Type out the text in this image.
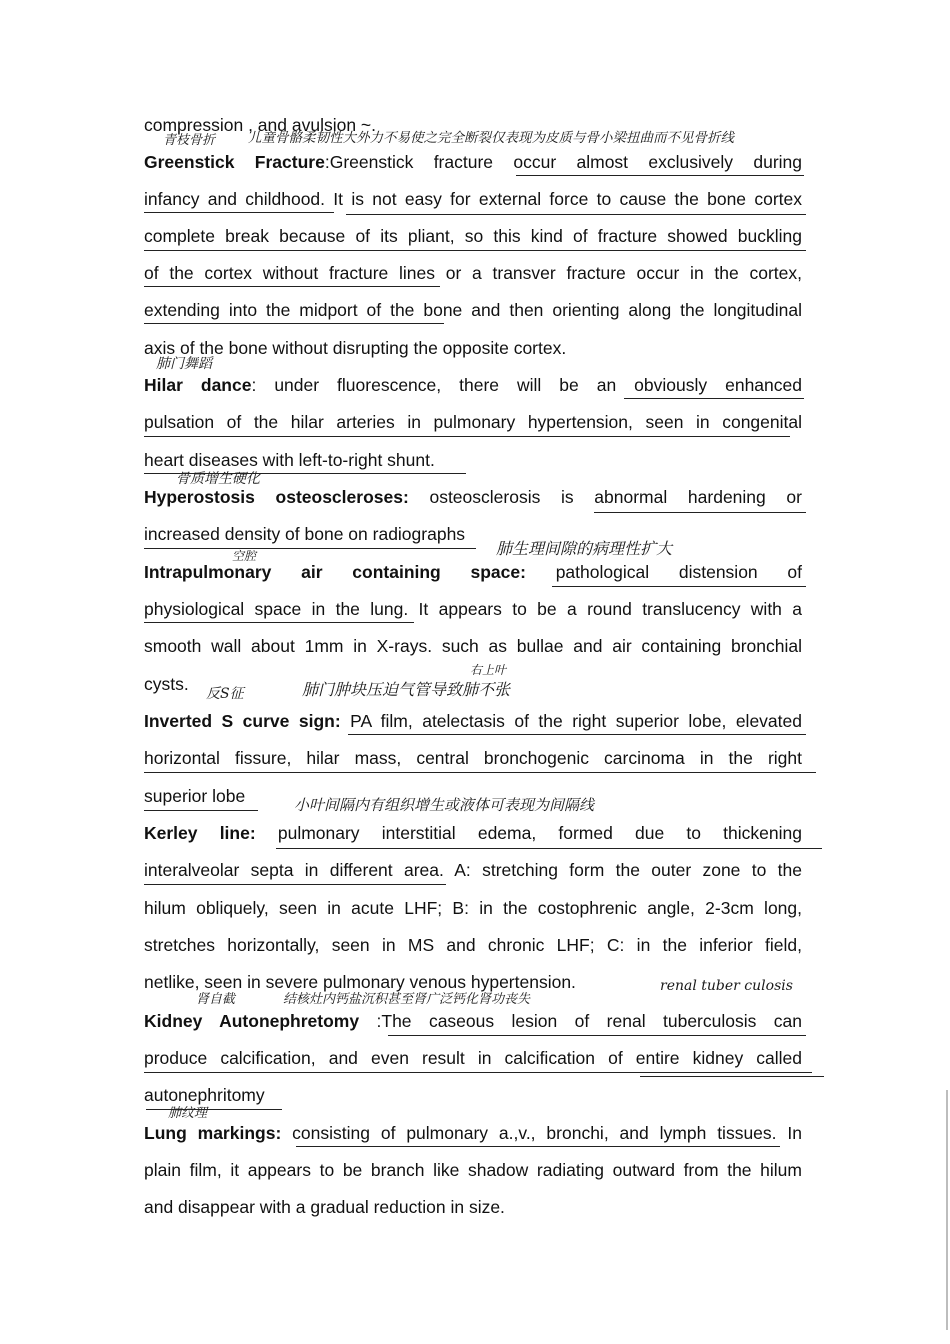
compression , and avulsion ~.
Greenstick Fracture:Greenstick fracture occur almost exclusively during
infancy and childhood. It is not easy for external force to cause the bone cortex
complete break because of its pliant, so this kind of fracture showed buckling
of the cortex without fracture lines or a transver fracture occur in the cortex,
extending into the midport of the bone and then orienting along the longitudinal
axis of the bone without disrupting the opposite cortex.
Hilar dance: under fluorescence, there will be an obviously enhanced
pulsation of the hilar arteries in pulmonary hypertension, seen in congenital
heart diseases with left-to-right shunt.
Hyperostosis osteoscleroses: osteosclerosis is abnormal hardening or
increased density of bone on radiographs
Intrapulmonary air containing space: pathological distension of
physiological space in the lung. It appears to be a round translucency with a
smooth wall about 1mm in X-rays. such as bullae and air containing bronchial
cysts.
Inverted S curve sign: PA film, atelectasis of the right superior lobe, elevated
horizontal fissure, hilar mass, central bronchogenic carcinoma in the right
superior lobe
Kerley line: pulmonary interstitial edema, formed due to thickening
interalveolar septa in different area. A: stretching form the outer zone to the
hilum obliquely, seen in acute LHF; B: in the costophrenic angle, 2-3cm long,
stretches horizontally, seen in MS and chronic LHF; C: in the inferior field,
netlike, seen in severe pulmonary venous hypertension.
Kidney Autonephretomy :The caseous lesion of renal tuberculosis can
produce calcification, and even result in calcification of entire kidney called
autonephritomy
Lung markings: consisting of pulmonary a.,v., bronchi, and lymph tissues. In
plain film, it appears to be branch like shadow radiating outward from the hilum
and disappear with a gradual reduction in size.
青枝骨折 儿童骨骼柔韧性大外力不易使之完全断裂仅表现为皮质与骨小梁扭曲而不见骨折线
肺门舞蹈
骨质增生硬化
空腔	肺生理间隙的病理性扩大
反S征	肺门肿块压迫气管导致肺不张
右上叶
小叶间隔内有组织增生或液体可表现为间隔线
肾自截	结核灶内钙盐沉积甚至肾广泛钙化肾功丧失
renal tuber culosis
肺纹理
